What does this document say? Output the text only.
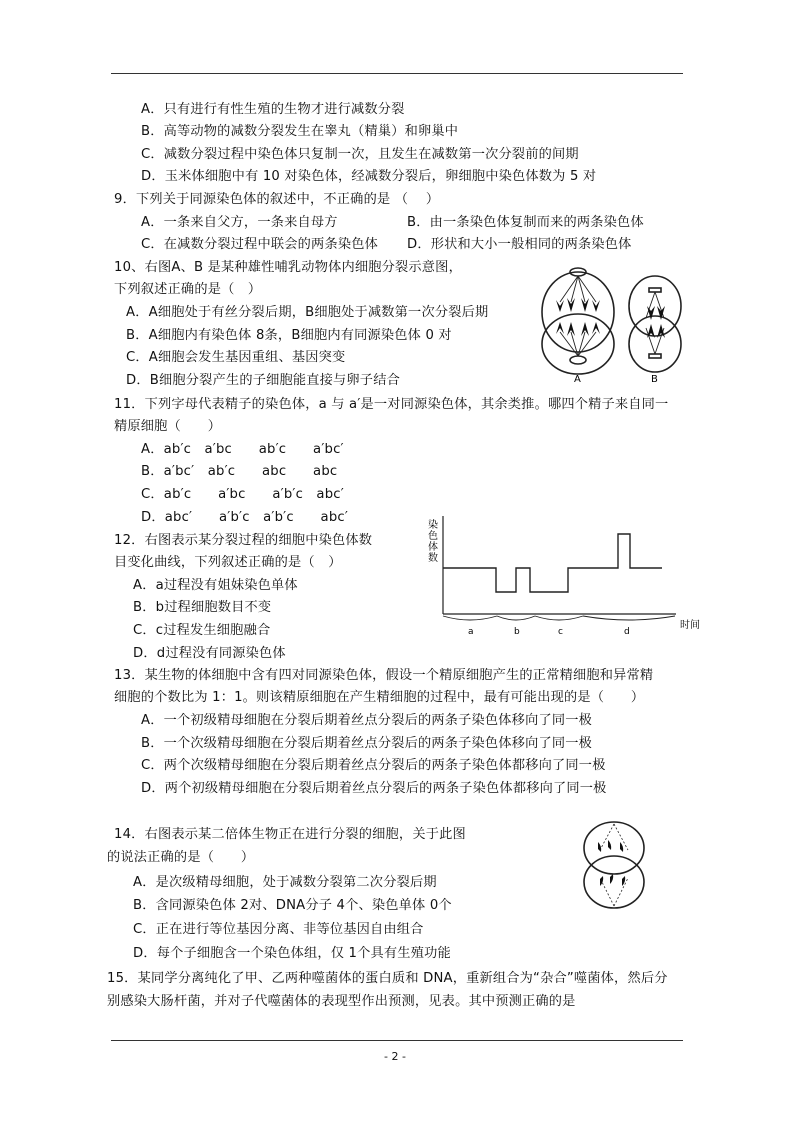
A．只有进行有性生殖的生物才进行减数分裂
B．高等动物的减数分裂发生在睾丸（精巢）和卵巢中
C．减数分裂过程中染色体只复制一次，且发生在减数第一次分裂前的间期
D．玉米体细胞中有 10 对染色体，经减数分裂后，卵细胞中染色体数为 5 对
9．下列关于同源染色体的叙述中，不正确的是 （　 ）
A．一条来自父方，一条来自母方	B．由一条染色体复制而来的两条染色体
C．在减数分裂过程中联会的两条染色体 D．形状和大小一般相同的两条染色体
10、右图A、B 是某种雄性哺乳动物体内细胞分裂示意图，
下列叙述正确的是（　）
A．A细胞处于有丝分裂后期，B细胞处于减数第一次分裂后期
B．A细胞内有染色体 8条，B细胞内有同源染色体 0 对
C．A细胞会发生基因重组、基因突变
D．B细胞分裂产生的子细胞能直接与卵子结合	A	B
11．下列字母代表精子的染色体，a 与 a′是一对同源染色体，其余类推。哪四个精子来自同一
精原细胞（　　）
A．ab′c　a′bc　　ab′c　　a′bc′
B．a′bc′　ab′c　　abc　　abc
C．ab′c　　a′bc　　a′b′c　abc′
D．abc′　　a′b′c　a′b′c　　abc′
12．右图表示某分裂过程的细胞中染色体数
目变化曲线，下列叙述正确的是（　）
A．a过程没有姐妹染色单体
B．b过程细胞数目不变
C．c过程发生细胞融合
D．d过程没有同源染色体
染
色
体
数
a	b	c	d
时间
13．某生物的体细胞中含有四对同源染色体，假设一个精原细胞产生的正常精细胞和异常精
细胞的个数比为 1：1。则该精原细胞在产生精细胞的过程中，最有可能出现的是（　　）
A．一个初级精母细胞在分裂后期着丝点分裂后的两条子染色体移向了同一极
B．一个次级精母细胞在分裂后期着丝点分裂后的两条子染色体移向了同一极
C．两个次级精母细胞在分裂后期着丝点分裂后的两条子染色体都移向了同一极
D．两个初级精母细胞在分裂后期着丝点分裂后的两条子染色体都移向了同一极
14．右图表示某二倍体生物正在进行分裂的细胞，关于此图
的说法正确的是（　　）
A．是次级精母细胞，处于减数分裂第二次分裂后期
B．含同源染色体 2对、DNA分子 4个、染色单体 0个
C．正在进行等位基因分离、非等位基因自由组合
D．每个子细胞含一个染色体组，仅 1个具有生殖功能
15．某同学分离纯化了甲、乙两种噬菌体的蛋白质和 DNA，重新组合为“杂合”噬菌体，然后分
别感染大肠杆菌，并对子代噬菌体的表现型作出预测，见表。其中预测正确的是
- 2 -
